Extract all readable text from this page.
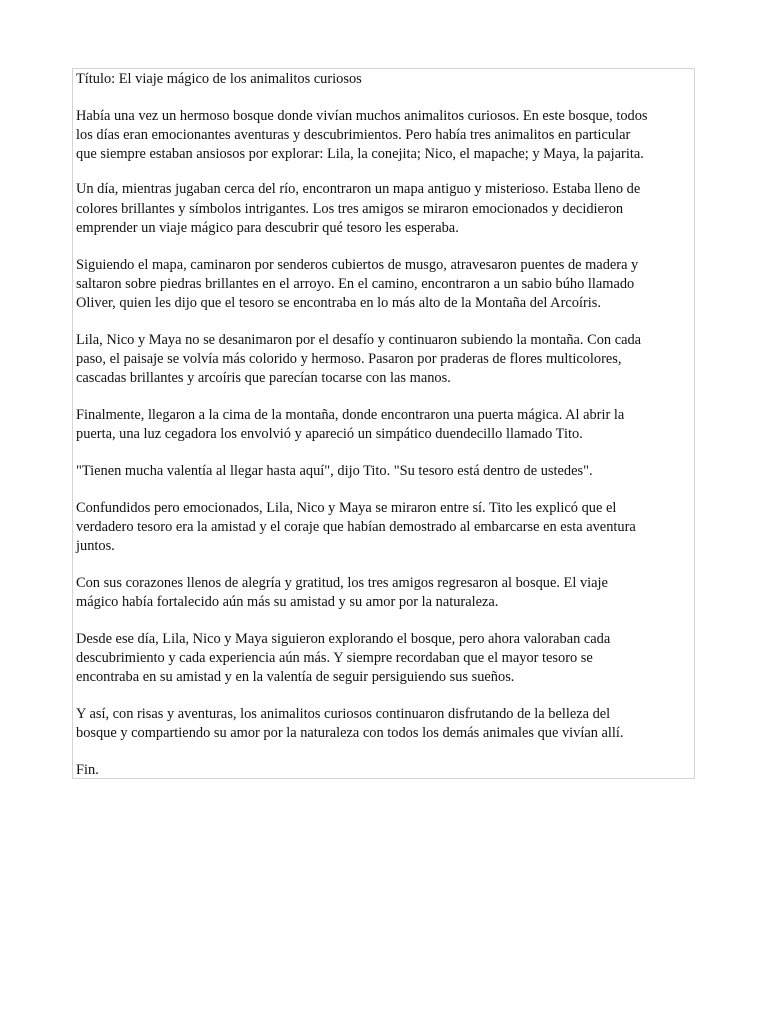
Título: El viaje mágico de los animalitos curiosos
Había una vez un hermoso bosque donde vivían muchos animalitos curiosos. En este bosque, todos
los días eran emocionantes aventuras y descubrimientos. Pero había tres animalitos en particular
que siempre estaban ansiosos por explorar: Lila, la conejita; Nico, el mapache; y Maya, la pajarita.
Un día, mientras jugaban cerca del río, encontraron un mapa antiguo y misterioso. Estaba lleno de
colores brillantes y símbolos intrigantes. Los tres amigos se miraron emocionados y decidieron
emprender un viaje mágico para descubrir qué tesoro les esperaba.
Siguiendo el mapa, caminaron por senderos cubiertos de musgo, atravesaron puentes de madera y
saltaron sobre piedras brillantes en el arroyo. En el camino, encontraron a un sabio búho llamado
Oliver, quien les dijo que el tesoro se encontraba en lo más alto de la Montaña del Arcoíris.
Lila, Nico y Maya no se desanimaron por el desafío y continuaron subiendo la montaña. Con cada
paso, el paisaje se volvía más colorido y hermoso. Pasaron por praderas de flores multicolores,
cascadas brillantes y arcoíris que parecían tocarse con las manos.
Finalmente, llegaron a la cima de la montaña, donde encontraron una puerta mágica. Al abrir la
puerta, una luz cegadora los envolvió y apareció un simpático duendecillo llamado Tito.
"Tienen mucha valentía al llegar hasta aquí", dijo Tito. "Su tesoro está dentro de ustedes".
Confundidos pero emocionados, Lila, Nico y Maya se miraron entre sí. Tito les explicó que el
verdadero tesoro era la amistad y el coraje que habían demostrado al embarcarse en esta aventura
juntos.
Con sus corazones llenos de alegría y gratitud, los tres amigos regresaron al bosque. El viaje
mágico había fortalecido aún más su amistad y su amor por la naturaleza.
Desde ese día, Lila, Nico y Maya siguieron explorando el bosque, pero ahora valoraban cada
descubrimiento y cada experiencia aún más. Y siempre recordaban que el mayor tesoro se
encontraba en su amistad y en la valentía de seguir persiguiendo sus sueños.
Y así, con risas y aventuras, los animalitos curiosos continuaron disfrutando de la belleza del
bosque y compartiendo su amor por la naturaleza con todos los demás animales que vivían allí.
Fin.
